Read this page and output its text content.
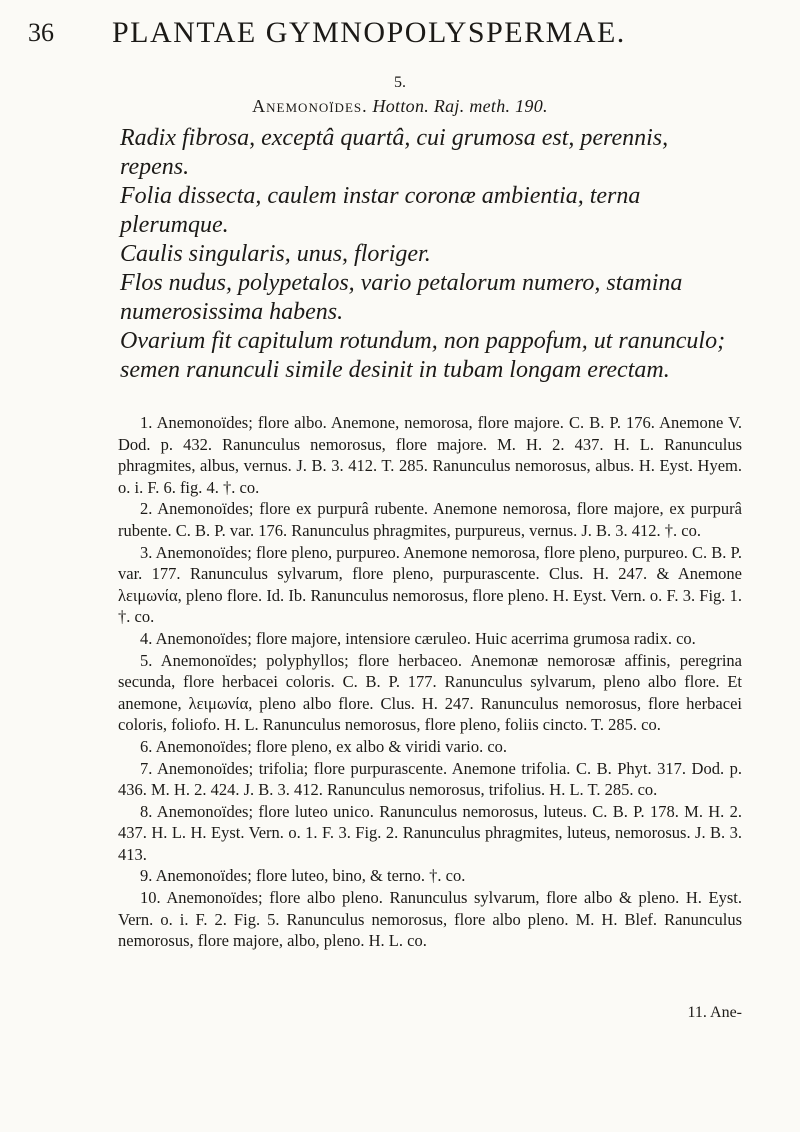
36 PLANTAE GYMNOPOLYSPERMAE.
5.
Anemonoïdes. Hotton. Raj. meth. 190.

Radix fibrosa, exceptâ quartâ, cui grumosa est, perennis, repens.

Folia dissecta, caulem instar coronæ ambientia, terna plerumque.

Caulis singularis, unus, floriger.

Flos nudus, polypetalos, vario petalorum numero, staminа numerosissima habens.

Ovarium fit capitulum rotundum, non pappofum, ut ranunculo; semen ranunculi simile desinit in tubam longam erectam.

1. Anemonoïdes; flore albo. Anemone, nemorosa, flore majore. C. B. P. 176. Anemone V. Dod. p. 432. Ranunculus nemorosus, flore majore. M. H. 2. 437. H. L. Ranunculus phragmites, albus, vernus. J. B. 3. 412. T. 285. Ranunculus nemorosus, albus. H. Eyst. Hyem. o. i. F. 6. fig. 4. †. co.

2. Anemonoïdes; flore ex purpurâ rubente. Anemone nemorosa, flore majore, ex purpurâ rubente. C. B. P. var. 176. Ranunculus phragmites, purpureus, vernus. J. B. 3. 412. †. co.

3. Anemonoïdes; flore pleno, purpureo. Anemone nemorosa, flore pleno, purpureo. C. B. P. var. 177. Ranunculus sylvarum, flore pleno, purpurascente. Clus. H. 247. & Anemone λειμωνία, pleno flore. Id. Ib. Ranunculus nemorosus, flore pleno. H. Eyst. Vern. o. F. 3. Fig. 1. †. co.

4. Anemonoïdes; flore majore, intensiore cæruleo. Huic acerrima grumosa radix. co.

5. Anemonoïdes; polyphyllos; flore herbaceo. Anemonæ nemorosæ affinis, peregrina secunda, flore herbacei coloris. C. B. P. 177. Ranunculus sylvarum, pleno albo flore. Et anemone, λειμωνία, pleno albo flore. Clus. H. 247. Ranunculus nemorosus, flore herbacei coloris, foliofo. H. L. Ranunculus nemorosus, flore pleno, foliis cincto. T. 285. co.

6. Anemonoïdes; flore pleno, ex albo & viridi vario. co.

7. Anemonoïdes; trifolia; flore purpurascente. Anemone trifolia. C. B. Phyt. 317. Dod. p. 436. M. H. 2. 424. J. B. 3. 412. Ranunculus nemorosus, trifolius. H. L. T. 285. co.

8. Anemonoïdes; flore luteo unico. Ranunculus nemorosus, luteus. C. B. P. 178. M. H. 2. 437. H. L. H. Eyst. Vern. o. 1. F. 3. Fig. 2. Ranunculus phragmites, luteus, nemorosus. J. B. 3. 413.

9. Anemonoïdes; flore luteo, bino, & terno. †. co.

10. Anemonoïdes; flore albo pleno. Ranunculus sylvarum, flore albo & pleno. H. Eyst. Vern. o. i. F. 2. Fig. 5. Ranunculus nemorosus, flore albo pleno. M. H. Blef. Ranunculus nemorosus, flore majore, albo, pleno. H. L. co.

11. Ane-
